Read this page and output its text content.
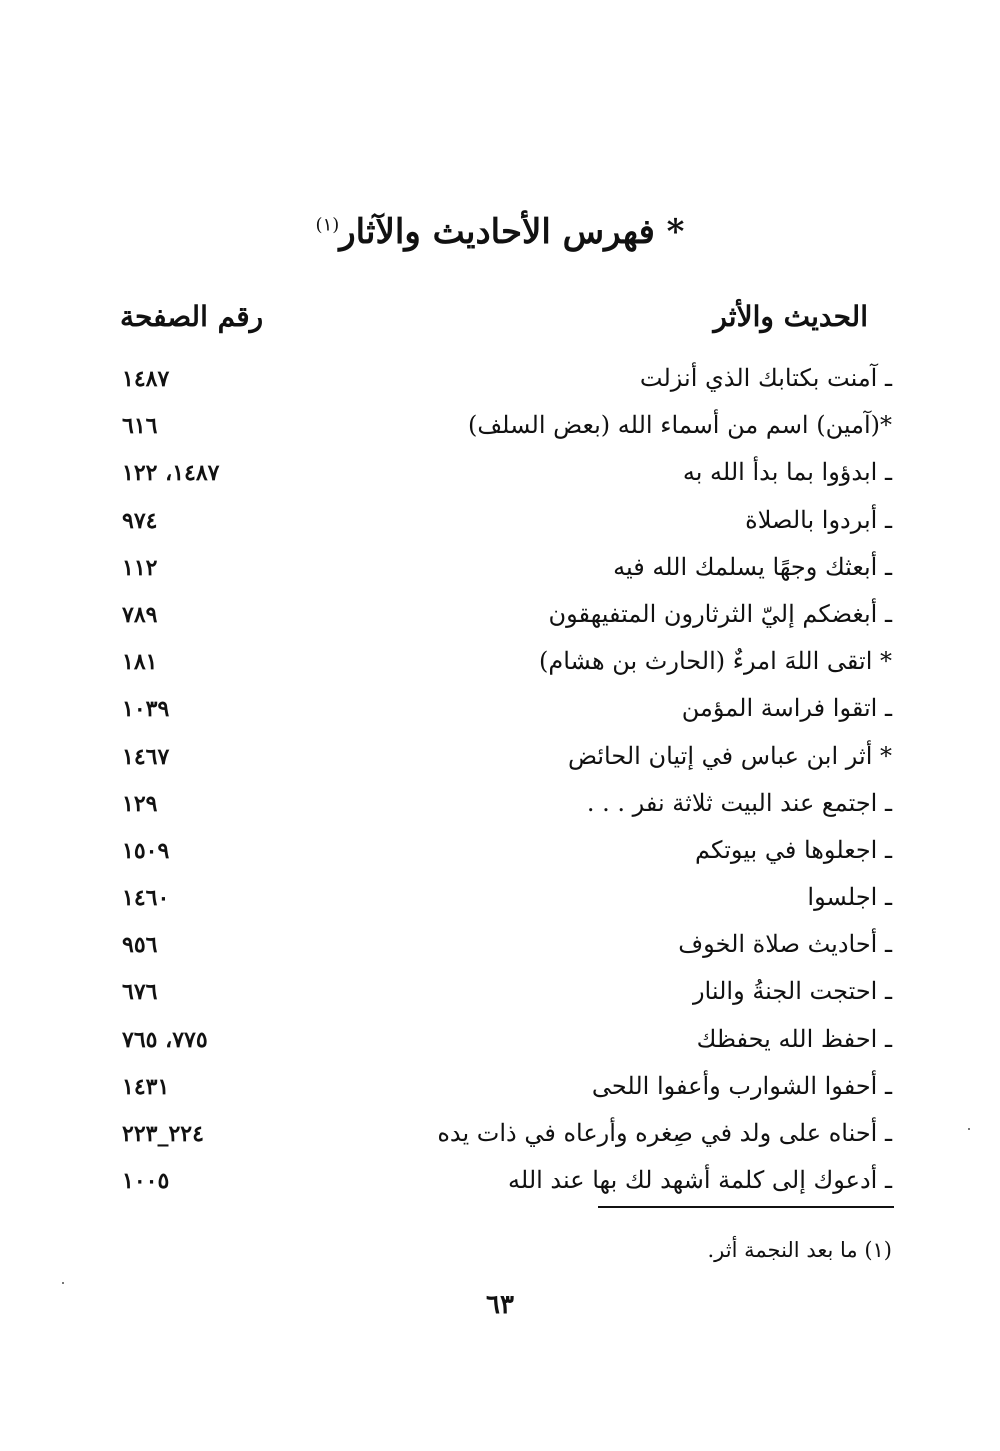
* فهرس الأحاديث والآثار$^{(١)}$
الحديث والأثر
رقم الصفحة
ـ آمنت بكتابك الذي أنزلت
١٤٨٧
*(آمين) اسم من أسماء الله (بعض السلف)
٦١٦
ـ ابدؤوا بما بدأ الله به
١٤٨٧، ١٢٢
ـ أبردوا بالصلاة
٩٧٤
ـ أبعثك وجهًا يسلمك الله فيه
١١٢
ـ أبغضكم إليّ الثرثارون المتفيهقون
٧٨٩
* اتقى اللهَ امرءٌ (الحارث بن هشام)
١٨١
ـ اتقوا فراسة المؤمن
١٠٣٩
* أثر ابن عباس في إتيان الحائض
١٤٦٧
ـ اجتمع عند البيت ثلاثة نفر . . .
١٢٩
ـ اجعلوها في بيوتكم
١٥٠٩
ـ اجلسوا
١٤٦٠
ـ أحاديث صلاة الخوف
٩٥٦
ـ احتجت الجنةُ والنار
٦٧٦
ـ احفظ الله يحفظك
٧٧٥، ٧٦٥
ـ أحفوا الشوارب وأعفوا اللحى
١٤٣١
ـ أحناه على ولد في صِغره وأرعاه في ذات يده
٢٢٤_٢٢٣
ـ أدعوك إلى كلمة أشهد لك بها عند الله
١٠٠٥
(١) ما بعد النجمة أثر.
٦٣
